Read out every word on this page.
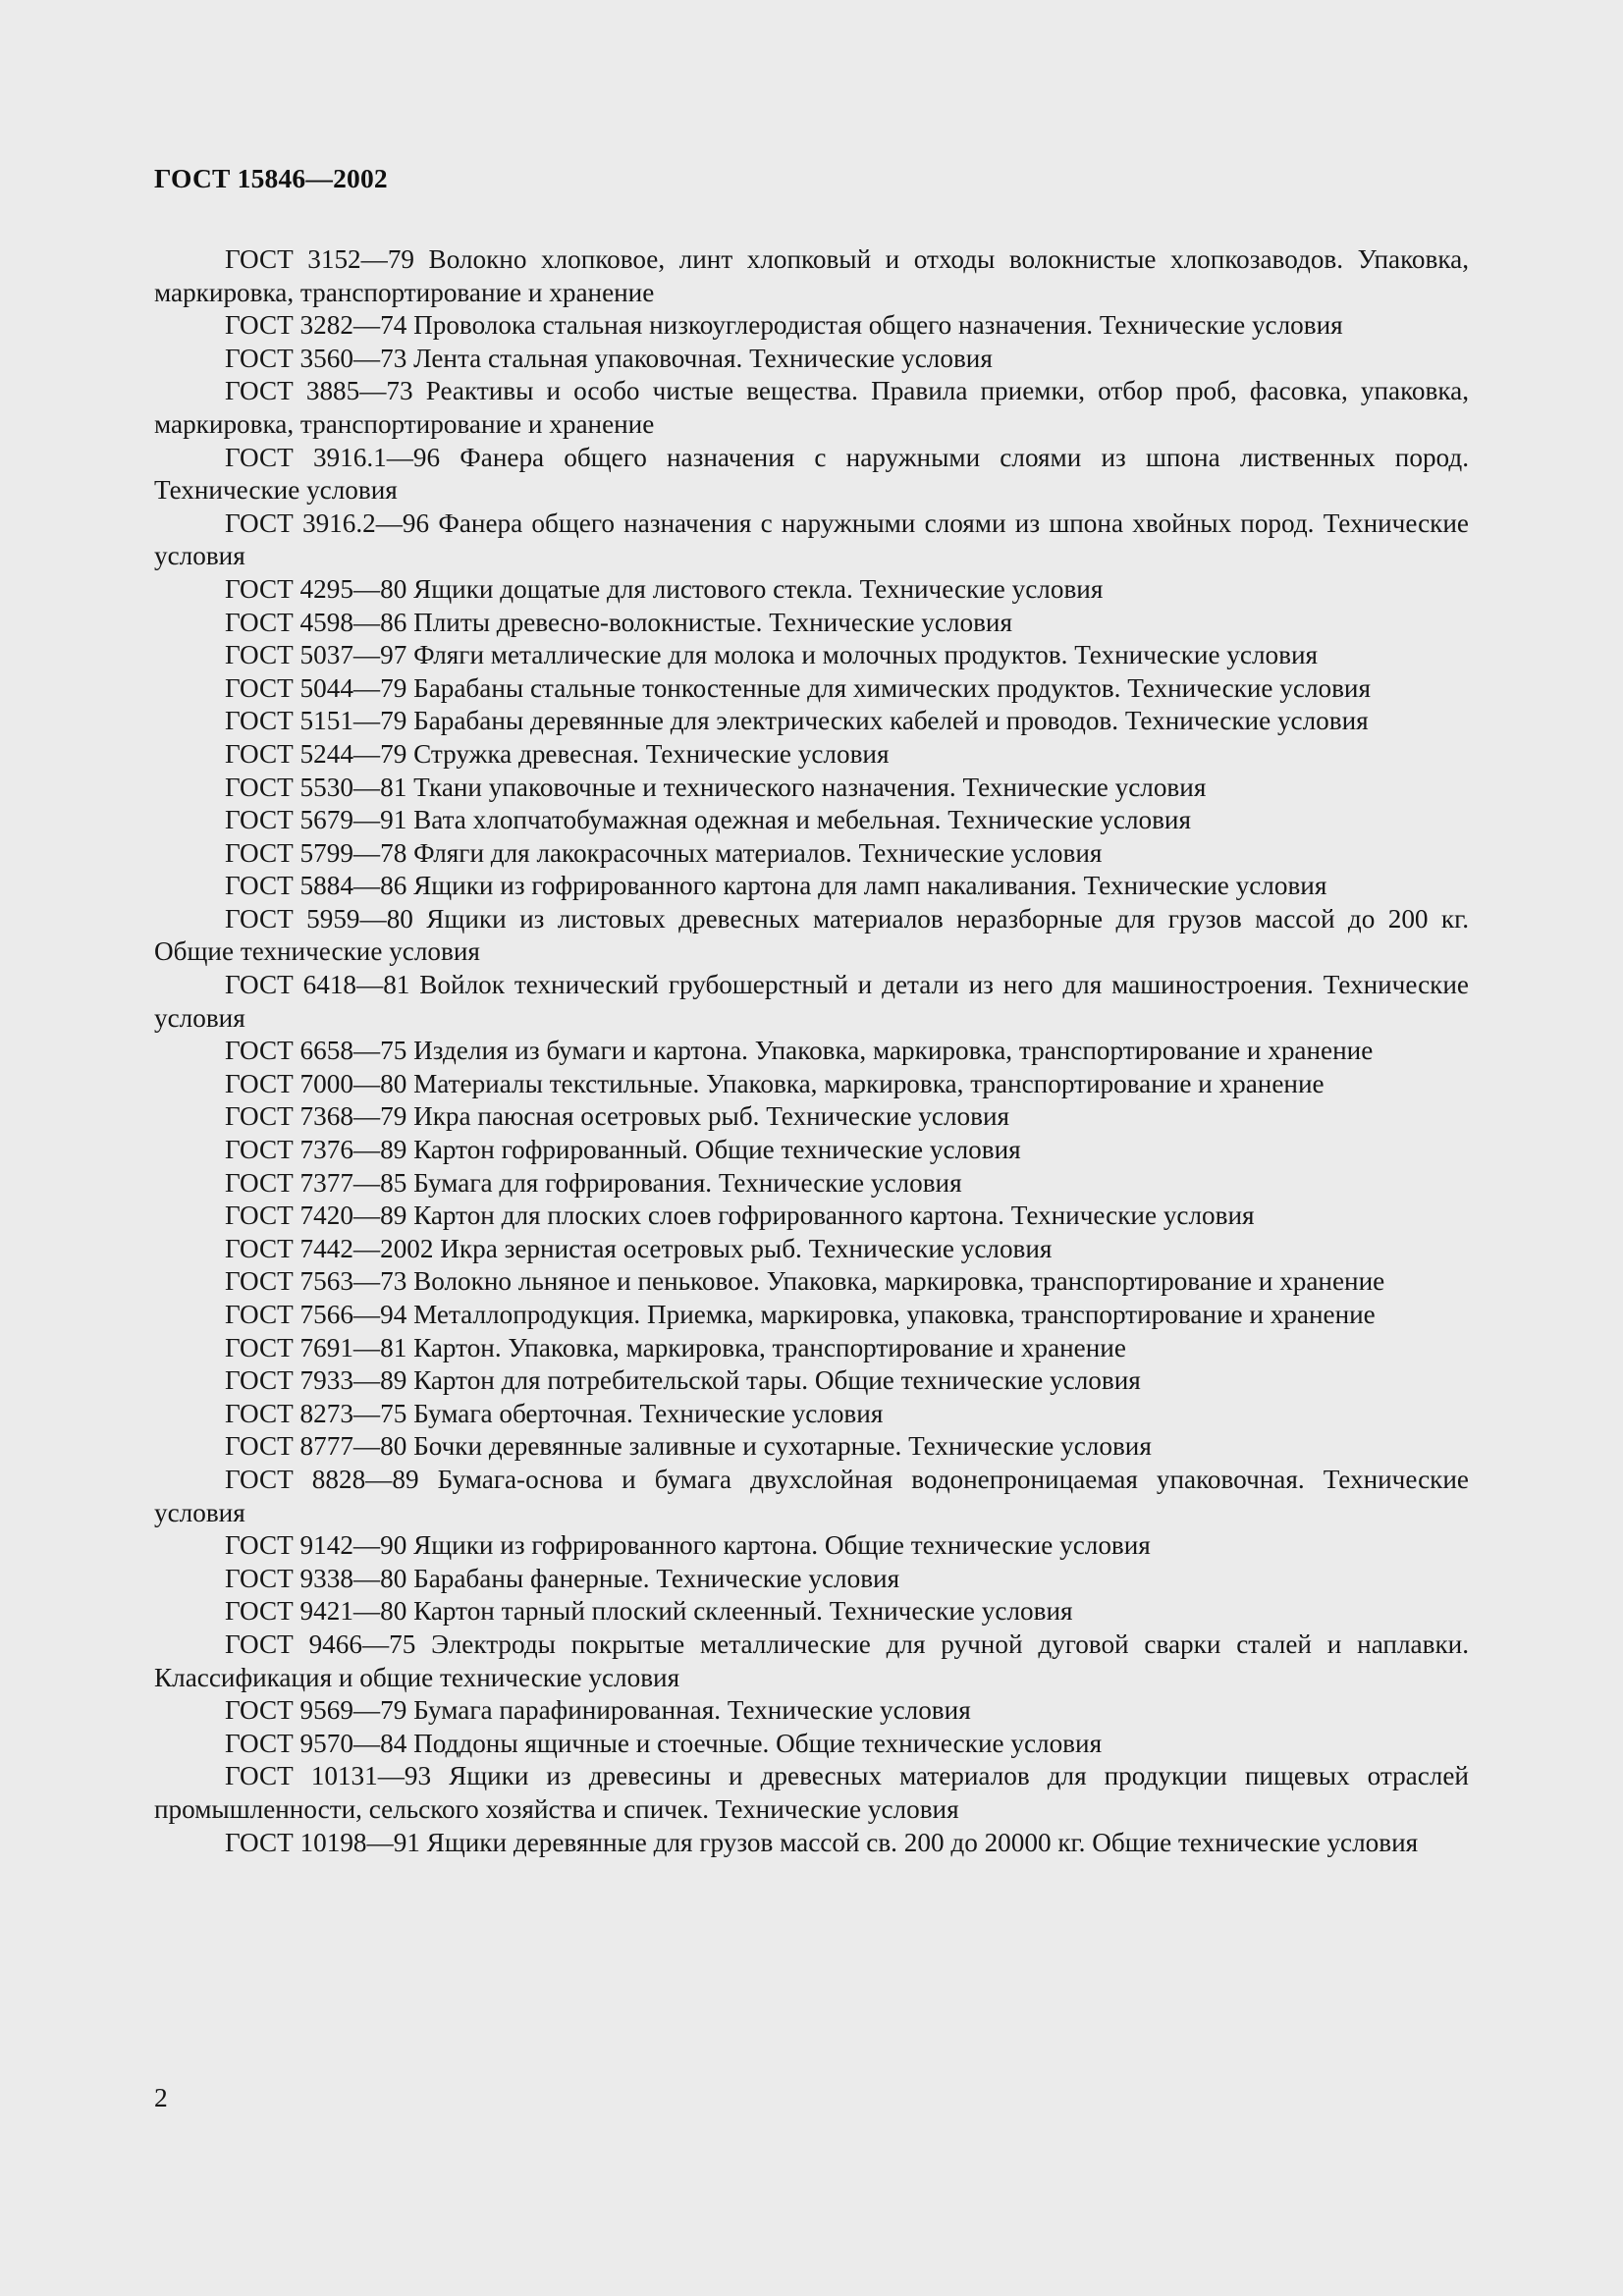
ГОСТ 15846—2002

ГОСТ 3152—79 Волокно хлопковое, линт хлопковый и отходы волокнистые хлопкозаводов. Упаковка, маркировка, транспортирование и хранение

ГОСТ 3282—74 Проволока стальная низкоуглеродистая общего назначения. Технические условия

ГОСТ 3560—73 Лента стальная упаковочная. Технические условия

ГОСТ 3885—73 Реактивы и особо чистые вещества. Правила приемки, отбор проб, фасовка, упаковка, маркировка, транспортирование и хранение

ГОСТ 3916.1—96 Фанера общего назначения с наружными слоями из шпона лиственных пород. Технические условия

ГОСТ 3916.2—96 Фанера общего назначения с наружными слоями из шпона хвойных пород. Технические условия

ГОСТ 4295—80 Ящики дощатые для листового стекла. Технические условия

ГОСТ 4598—86 Плиты древесно-волокнистые. Технические условия

ГОСТ 5037—97 Фляги металлические для молока и молочных продуктов. Технические условия

ГОСТ 5044—79 Барабаны стальные тонкостенные для химических продуктов. Технические условия

ГОСТ 5151—79 Барабаны деревянные для электрических кабелей и проводов. Технические условия

ГОСТ 5244—79 Стружка древесная. Технические условия

ГОСТ 5530—81 Ткани упаковочные и технического назначения. Технические условия

ГОСТ 5679—91 Вата хлопчатобумажная одежная и мебельная. Технические условия

ГОСТ 5799—78 Фляги для лакокрасочных материалов. Технические условия

ГОСТ 5884—86 Ящики из гофрированного картона для ламп накаливания. Технические условия

ГОСТ 5959—80 Ящики из листовых древесных материалов неразборные для грузов массой до 200 кг. Общие технические условия

ГОСТ 6418—81 Войлок технический грубошерстный и детали из него для машиностроения. Технические условия

ГОСТ 6658—75 Изделия из бумаги и картона. Упаковка, маркировка, транспортирование и хранение

ГОСТ 7000—80 Материалы текстильные. Упаковка, маркировка, транспортирование и хранение

ГОСТ 7368—79 Икра паюсная осетровых рыб. Технические условия

ГОСТ 7376—89 Картон гофрированный. Общие технические условия

ГОСТ 7377—85 Бумага для гофрирования. Технические условия

ГОСТ 7420—89 Картон для плоских слоев гофрированного картона. Технические условия

ГОСТ 7442—2002 Икра зернистая осетровых рыб. Технические условия

ГОСТ 7563—73 Волокно льняное и пеньковое. Упаковка, маркировка, транспортирование и хранение

ГОСТ 7566—94 Металлопродукция. Приемка, маркировка, упаковка, транспортирование и хранение

ГОСТ 7691—81 Картон. Упаковка, маркировка, транспортирование и хранение

ГОСТ 7933—89 Картон для потребительской тары. Общие технические условия

ГОСТ 8273—75 Бумага оберточная. Технические условия

ГОСТ 8777—80 Бочки деревянные заливные и сухотарные. Технические условия

ГОСТ 8828—89 Бумага-основа и бумага двухслойная водонепроницаемая упаковочная. Технические условия

ГОСТ 9142—90 Ящики из гофрированного картона. Общие технические условия

ГОСТ 9338—80 Барабаны фанерные. Технические условия

ГОСТ 9421—80 Картон тарный плоский склеенный. Технические условия

ГОСТ 9466—75 Электроды покрытые металлические для ручной дуговой сварки сталей и наплавки. Классификация и общие технические условия

ГОСТ 9569—79 Бумага парафинированная. Технические условия

ГОСТ 9570—84 Поддоны ящичные и стоечные. Общие технические условия

ГОСТ 10131—93 Ящики из древесины и древесных материалов для продукции пищевых отраслей промышленности, сельского хозяйства и спичек. Технические условия

ГОСТ 10198—91 Ящики деревянные для грузов массой св. 200 до 20000 кг. Общие технические условия

2
